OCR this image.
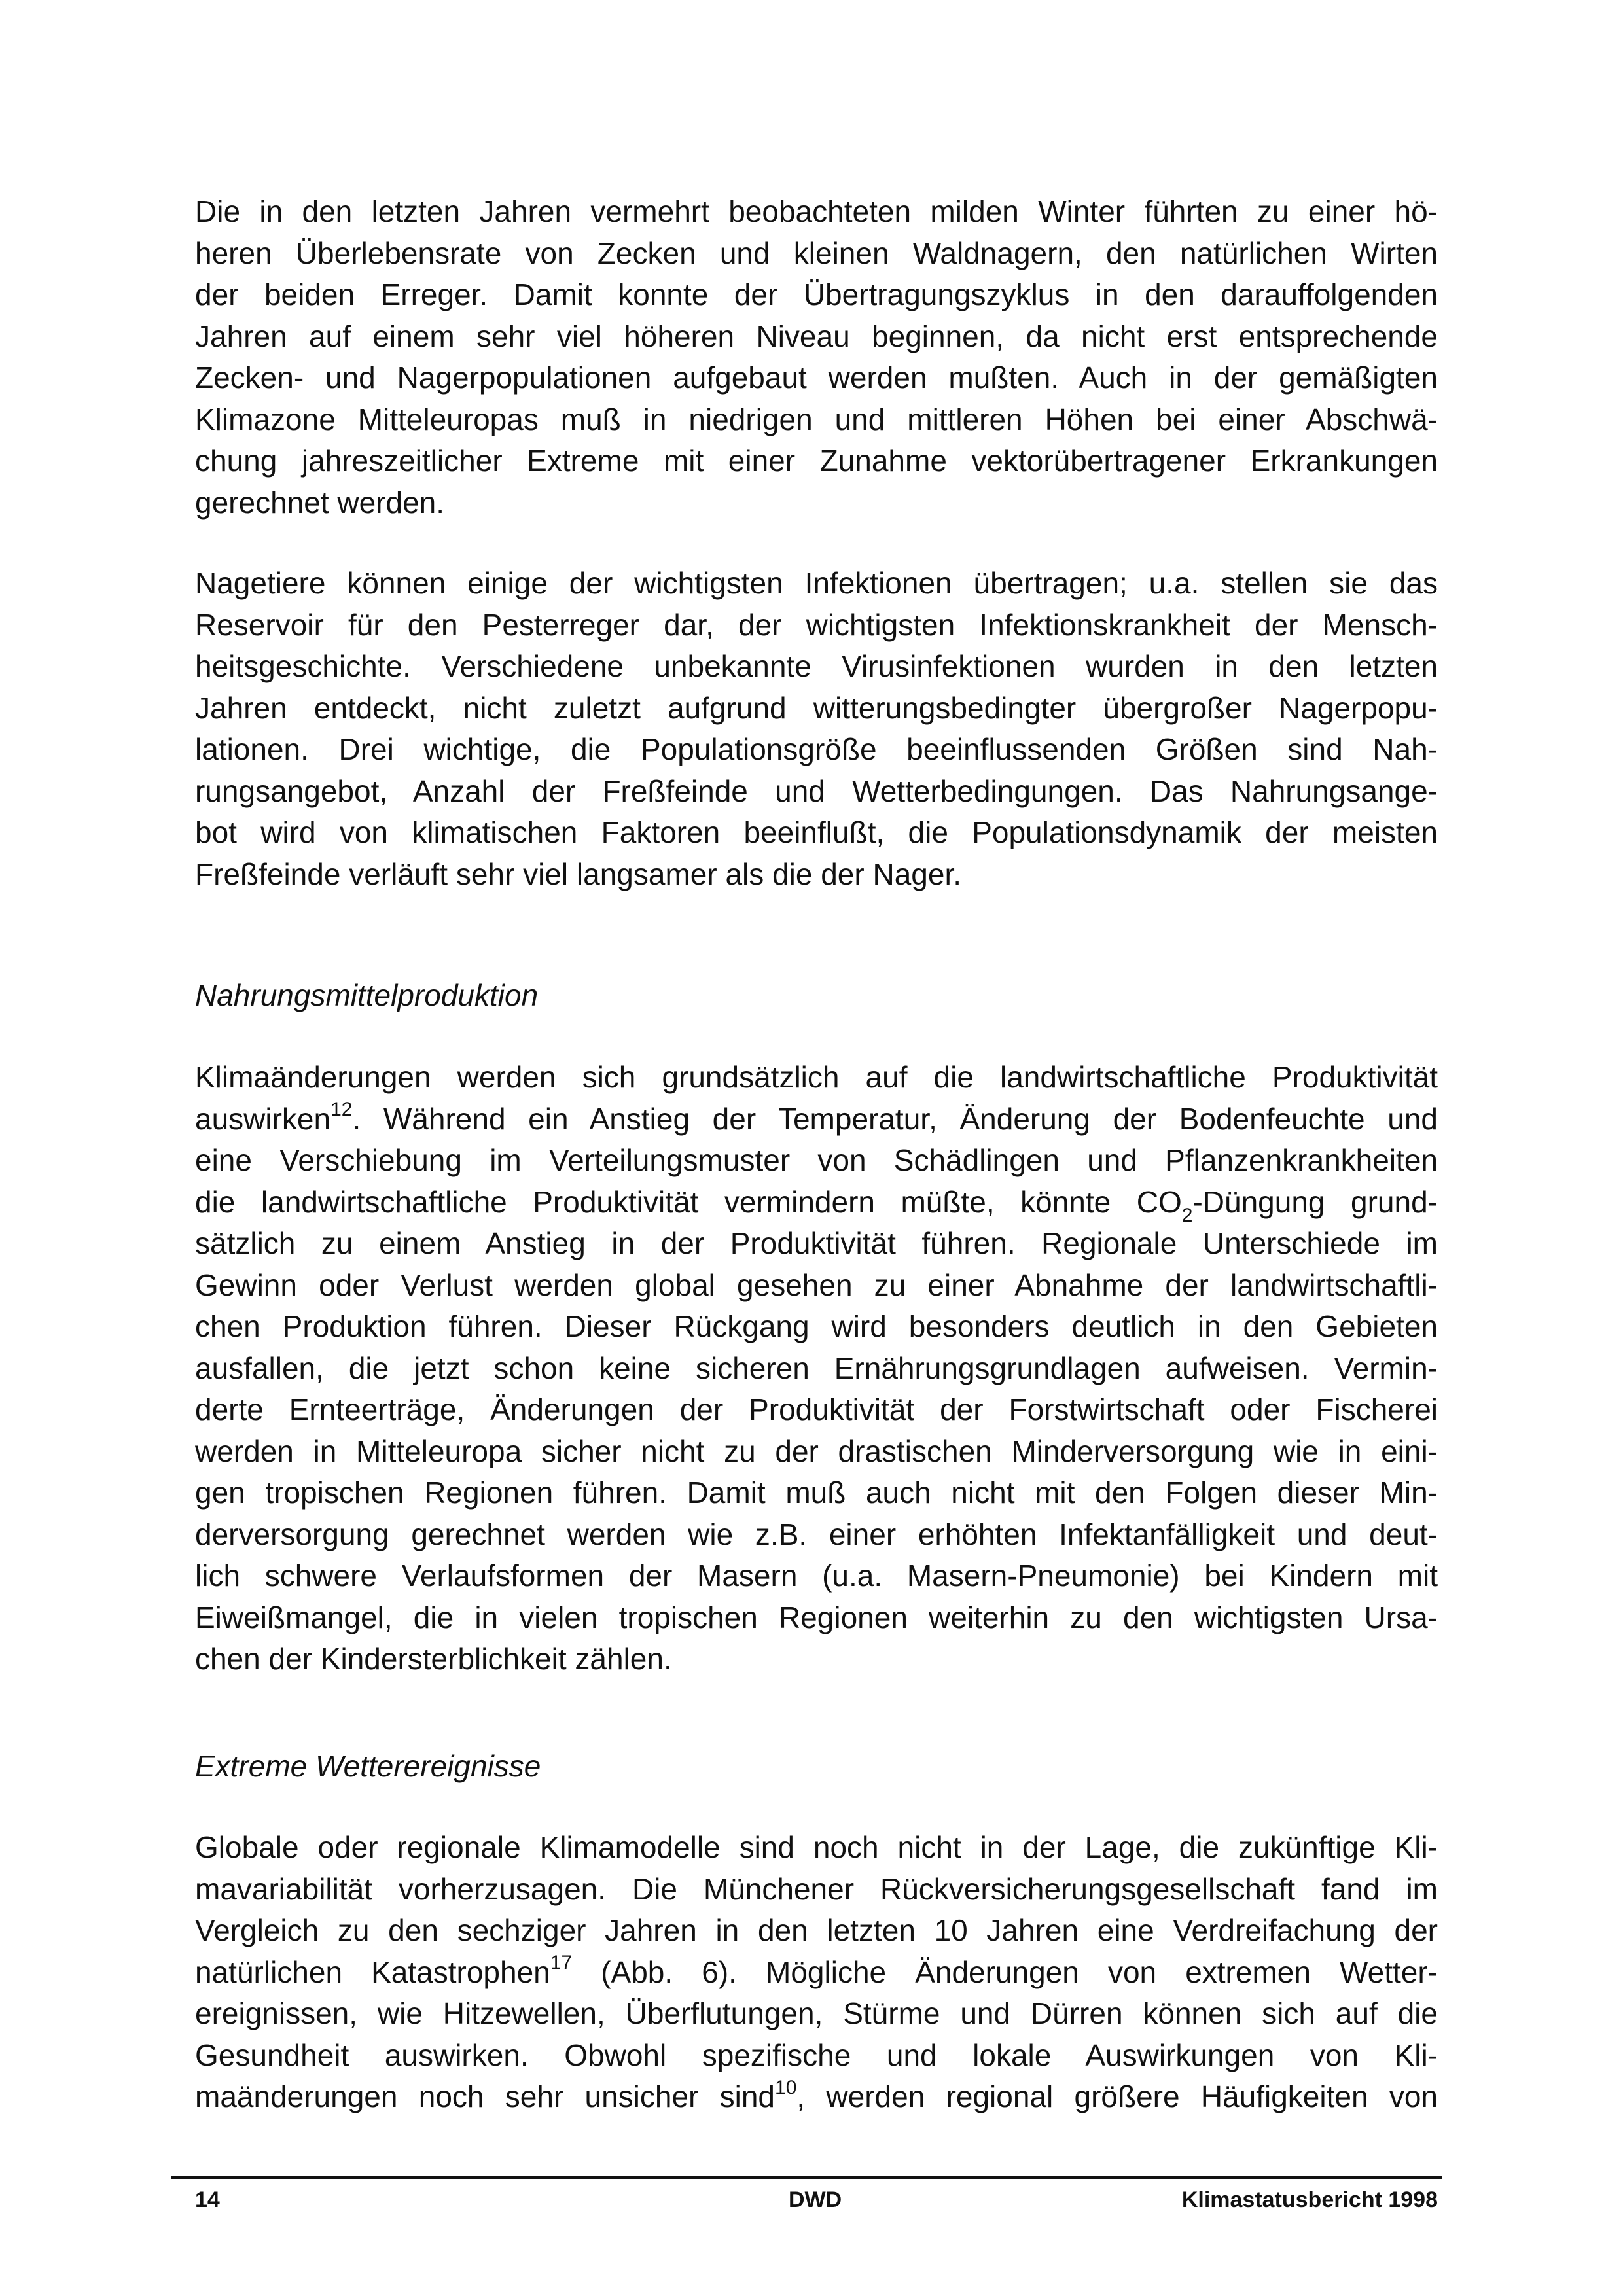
Die in den letzten Jahren vermehrt beobachteten milden Winter führten zu einer hö-
heren Überlebensrate von Zecken und kleinen Waldnagern, den natürlichen Wirten
der beiden Erreger. Damit konnte der Übertragungszyklus in den darauffolgenden
Jahren auf einem sehr viel höheren Niveau beginnen, da nicht erst entsprechende
Zecken- und Nagerpopulationen aufgebaut werden mußten. Auch in der gemäßigten
Klimazone Mitteleuropas muß in niedrigen und mittleren Höhen bei einer Abschwä-
chung jahreszeitlicher Extreme mit einer Zunahme vektorübertragener Erkrankungen
gerechnet werden.
Nagetiere können einige der wichtigsten Infektionen übertragen; u.a. stellen sie das
Reservoir für den Pesterreger dar, der wichtigsten Infektionskrankheit der Mensch-
heitsgeschichte. Verschiedene unbekannte Virusinfektionen wurden in den letzten
Jahren entdeckt, nicht zuletzt aufgrund witterungsbedingter übergroßer Nagerpopu-
lationen. Drei wichtige, die Populationsgröße beeinflussenden Größen sind Nah-
rungsangebot, Anzahl der Freßfeinde und Wetterbedingungen. Das Nahrungsange-
bot wird von klimatischen Faktoren beeinflußt, die Populationsdynamik der meisten
Freßfeinde verläuft sehr viel langsamer als die der Nager.
Nahrungsmittelproduktion
Klimaänderungen werden sich grundsätzlich auf die landwirtschaftliche Produktivität
auswirken$^{12}$. Während ein Anstieg der Temperatur, Änderung der Bodenfeuchte und
eine Verschiebung im Verteilungsmuster von Schädlingen und Pflanzenkrankheiten
die landwirtschaftliche Produktivität vermindern müßte, könnte $CO_2$-Düngung grund-
sätzlich zu einem Anstieg in der Produktivität führen. Regionale Unterschiede im
Gewinn oder Verlust werden global gesehen zu einer Abnahme der landwirtschaftli-
chen Produktion führen. Dieser Rückgang wird besonders deutlich in den Gebieten
ausfallen, die jetzt schon keine sicheren Ernährungsgrundlagen aufweisen. Vermin-
derte Ernteerträge, Änderungen der Produktivität der Forstwirtschaft oder Fischerei
werden in Mitteleuropa sicher nicht zu der drastischen Minderversorgung wie in eini-
gen tropischen Regionen führen. Damit muß auch nicht mit den Folgen dieser Min-
derversorgung gerechnet werden wie z.B. einer erhöhten Infektanfälligkeit und deut-
lich schwere Verlaufsformen der Masern (u.a. Masern-Pneumonie) bei Kindern mit
Eiweißmangel, die in vielen tropischen Regionen weiterhin zu den wichtigsten Ursa-
chen der Kindersterblichkeit zählen.
Extreme Wetterereignisse
Globale oder regionale Klimamodelle sind noch nicht in der Lage, die zukünftige Kli-
mavariabilität vorherzusagen. Die Münchener Rückversicherungsgesellschaft fand im
Vergleich zu den sechziger Jahren in den letzten 10 Jahren eine Verdreifachung der
natürlichen Katastrophen$^{17}$ (Abb. 6). Mögliche Änderungen von extremen Wetter-
ereignissen, wie Hitzewellen, Überflutungen, Stürme und Dürren können sich auf die
Gesundheit auswirken. Obwohl spezifische und lokale Auswirkungen von Kli-
maänderungen noch sehr unsicher sind$^{10}$, werden regional größere Häufigkeiten von
14	DWD	Klimastatusbericht 1998
